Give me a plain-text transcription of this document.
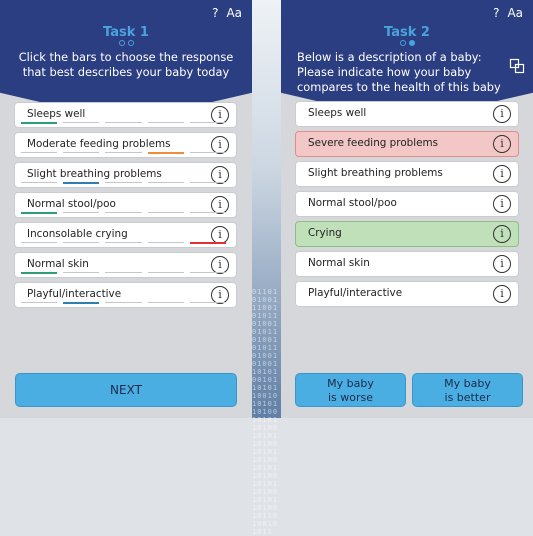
? Aa
Task 1
Click the bars to choose the response that best describes your baby today
Sleeps well	i
Moderate feeding problems	i
Slight breathing problems	i
Normal stool/poo	i
Inconsolable crying	i
Normal skin	i
Playful/interactive	i
NEXT
0110101001110010101101001010110100101011010010100110101001011010110010101011010010101101001010110100101011010010101101001010110100101011010010110100101011
? Aa
Task 2
Below is a description of a baby: Please indicate how your baby compares to the health of this baby
Sleeps well	i
Severe feeding problems	i
Slight breathing problems	i
Normal stool/poo	i
Crying	i
Normal skin	i
Playful/interactive	i
My baby
is worse
My baby
is better
